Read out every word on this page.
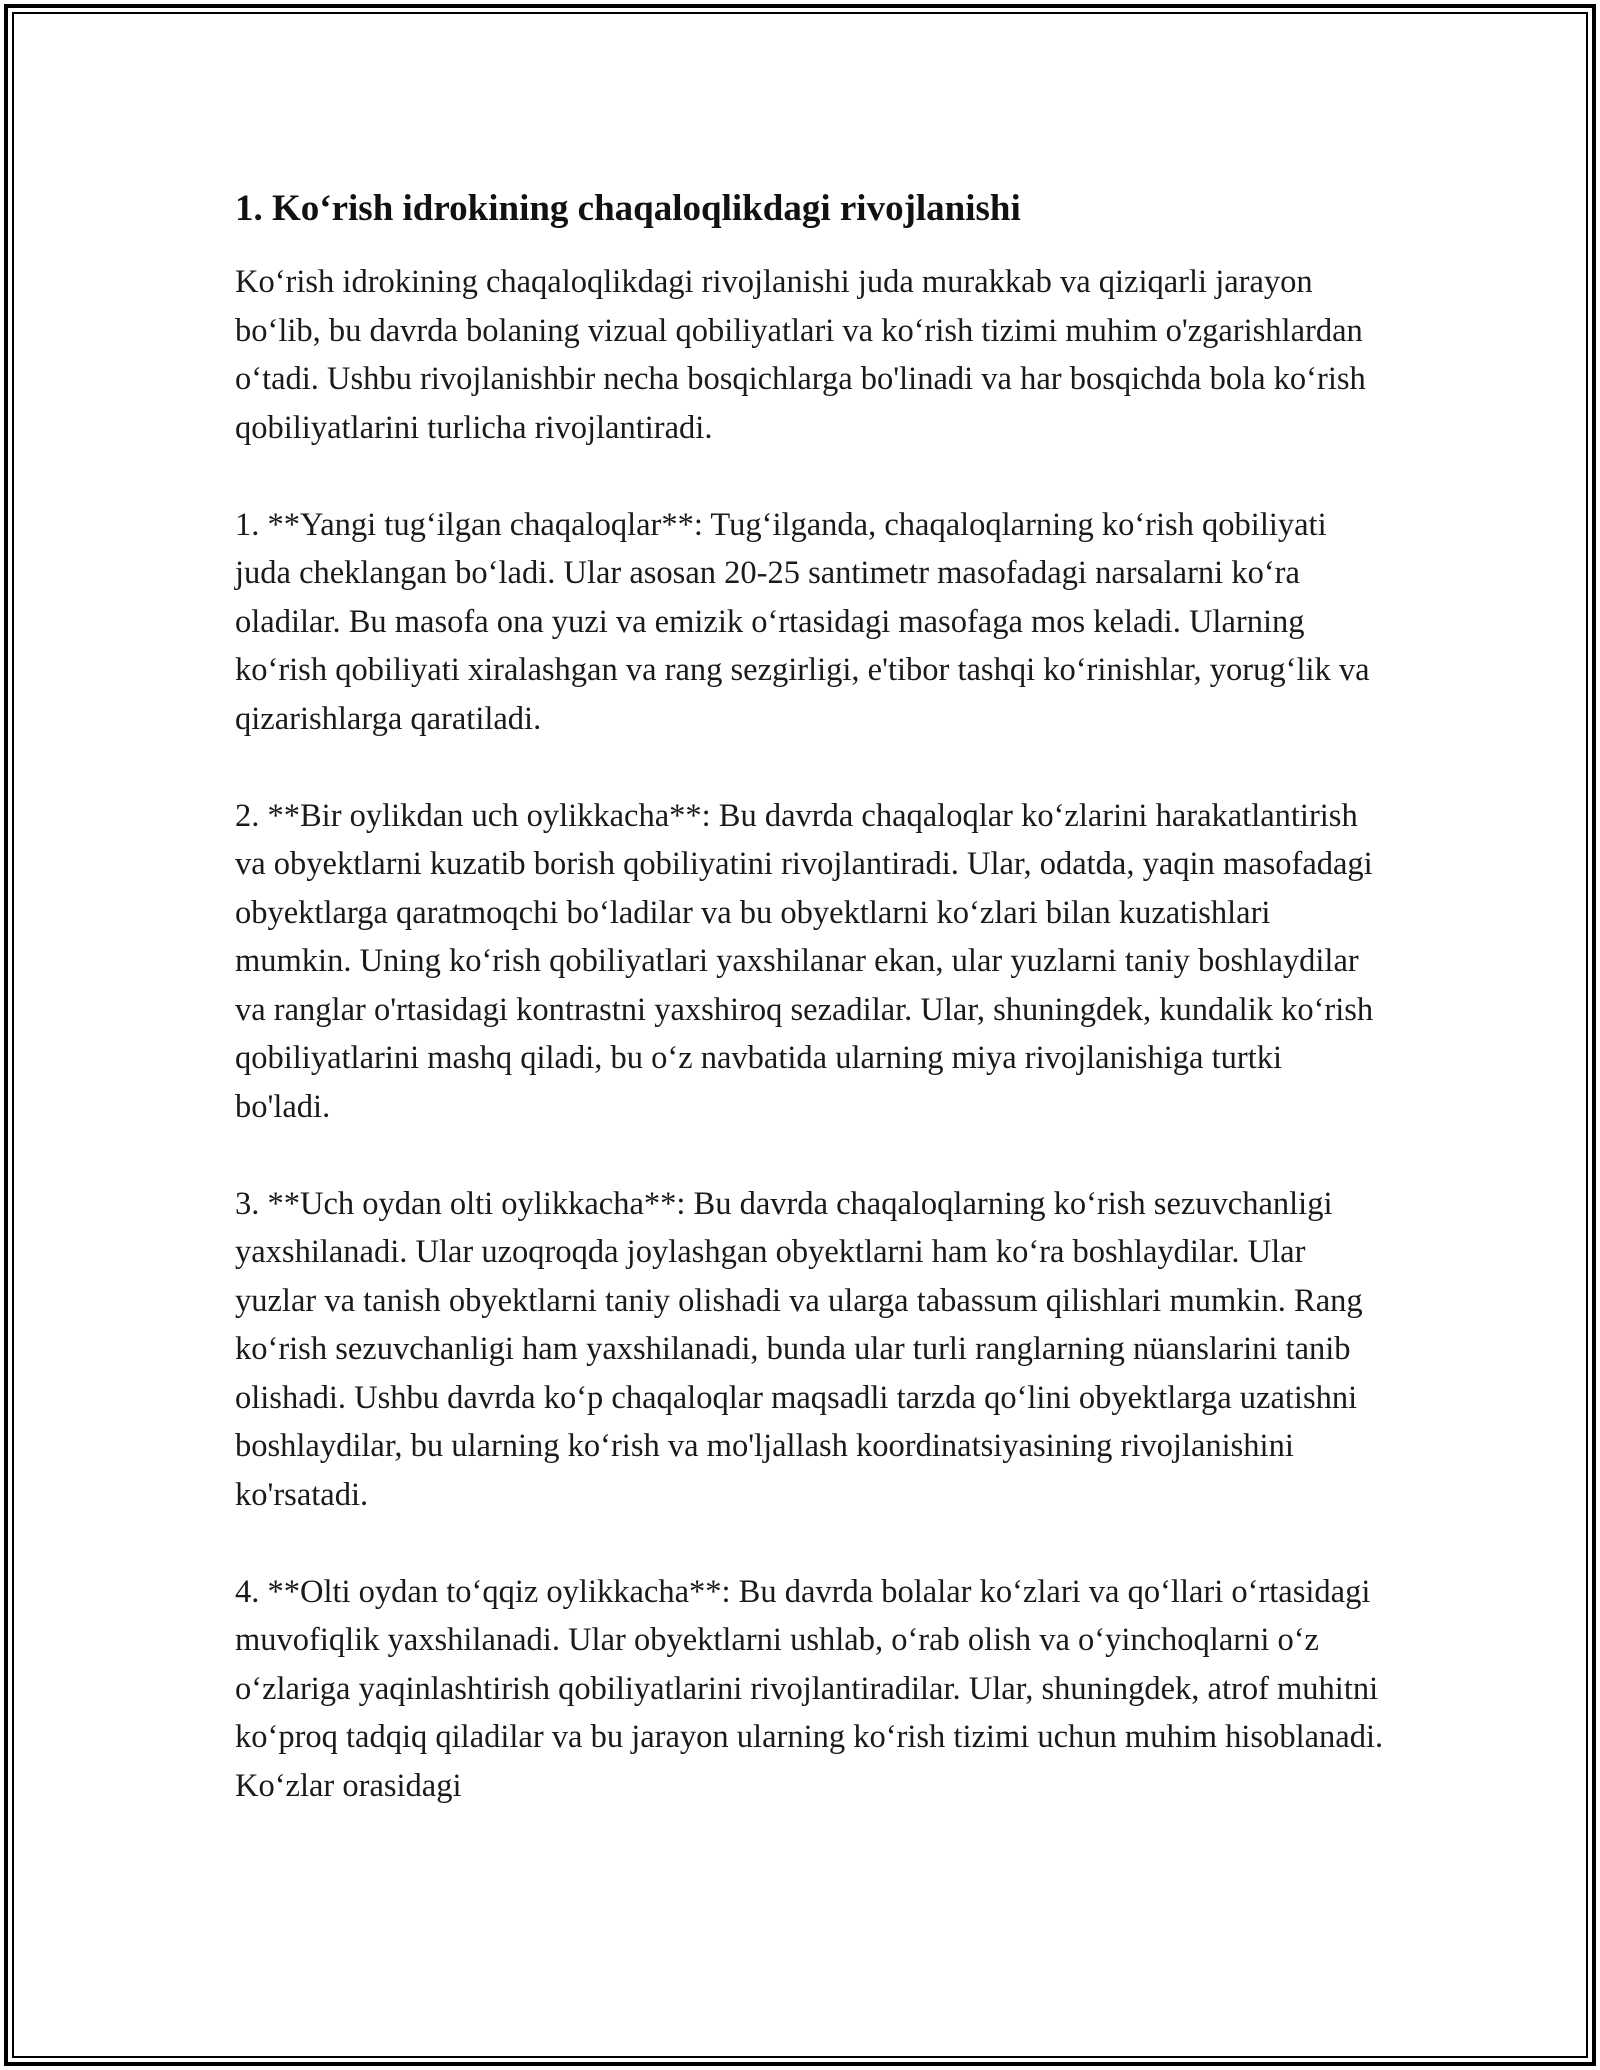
1. Ko‘rish idrokining chaqaloqlikdagi rivojlanishi

Ko‘rish idrokining chaqaloqlikdagi rivojlanishi juda murakkab va qiziqarli jarayon bo‘lib, bu davrda bolaning vizual qobiliyatlari va ko‘rish tizimi muhim o'zgarishlardan o‘tadi. Ushbu rivojlanishbir necha bosqichlarga bo'linadi va har bosqichda bola ko‘rish qobiliyatlarini turlicha rivojlantiradi.

1. **Yangi tug‘ilgan chaqaloqlar**: Tug‘ilganda, chaqaloqlarning ko‘rish qobiliyati juda cheklangan bo‘ladi. Ular asosan 20-25 santimetr masofadagi narsalarni ko‘ra oladilar. Bu masofa ona yuzi va emizik o‘rtasidagi masofaga mos keladi. Ularning ko‘rish qobiliyati xiralashgan va rang sezgirligi, e'tibor tashqi ko‘rinishlar, yorug‘lik va qizarishlarga qaratiladi.

2. **Bir oylikdan uch oylikkacha**: Bu davrda chaqaloqlar ko‘zlarini harakatlantirish va obyektlarni kuzatib borish qobiliyatini rivojlantiradi. Ular, odatda, yaqin masofadagi obyektlarga qaratmoqchi bo‘ladilar va bu obyektlarni ko‘zlari bilan kuzatishlari mumkin. Uning ko‘rish qobiliyatlari yaxshilanar ekan, ular yuzlarni taniy boshlaydilar va ranglar o'rtasidagi kontrastni yaxshiroq sezadilar. Ular, shuningdek, kundalik ko‘rish qobiliyatlarini mashq qiladi, bu o‘z navbatida ularning miya rivojlanishiga turtki bo'ladi.

3. **Uch oydan olti oylikkacha**: Bu davrda chaqaloqlarning ko‘rish sezuvchanligi yaxshilanadi. Ular uzoqroqda joylashgan obyektlarni ham ko‘ra boshlaydilar. Ular yuzlar va tanish obyektlarni taniy olishadi va ularga tabassum qilishlari mumkin. Rang ko‘rish sezuvchanligi ham yaxshilanadi, bunda ular turli ranglarning nüanslarini tanib olishadi. Ushbu davrda ko‘p chaqaloqlar maqsadli tarzda qo‘lini obyektlarga uzatishni boshlaydilar, bu ularning ko‘rish va mo'ljallash koordinatsiyasining rivojlanishini ko'rsatadi.

4. **Olti oydan to‘qqiz oylikkacha**: Bu davrda bolalar ko‘zlari va qo‘llari o‘rtasidagi muvofiqlik yaxshilanadi. Ular obyektlarni ushlab, o‘rab olish va o‘yinchoqlarni o‘z o‘zlariga yaqinlashtirish qobiliyatlarini rivojlantiradilar. Ular, shuningdek, atrof muhitni ko‘proq tadqiq qiladilar va bu jarayon ularning ko‘rish tizimi uchun muhim hisoblanadi. Ko‘zlar orasidagi
